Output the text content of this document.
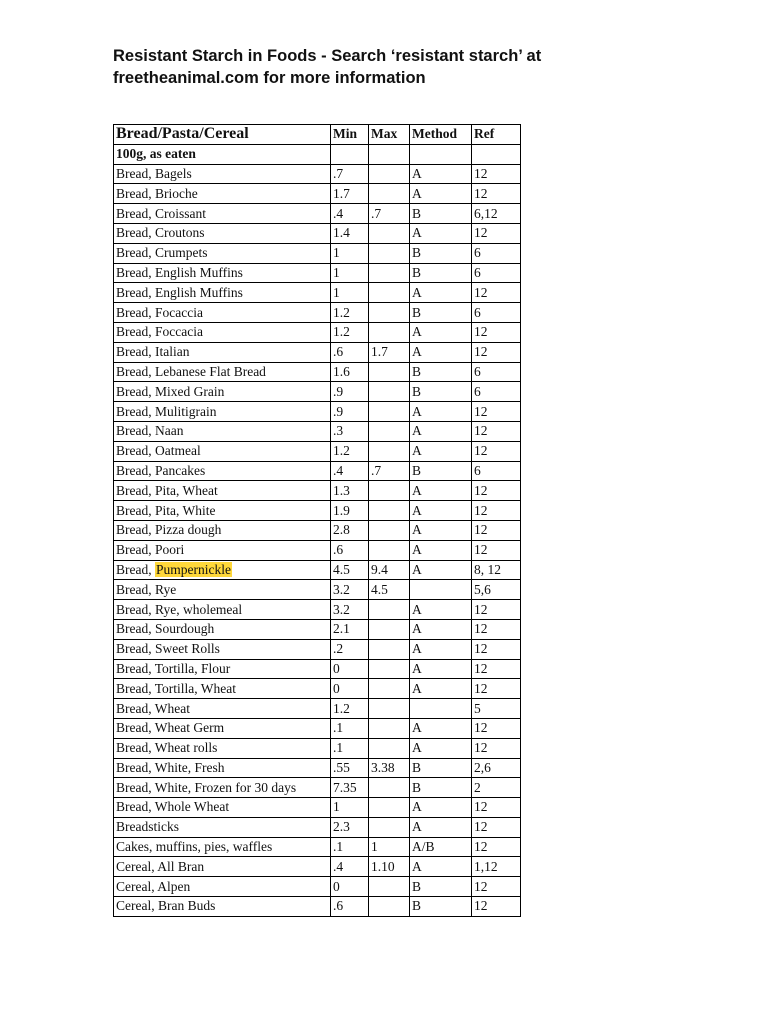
Resistant Starch in Foods - Search ‘resistant starch’ at
freetheanimal.com for more information
Bread/Pasta/Cereal	Min	Max	Method	Ref
100g, as eaten				
Bread, Bagels	.7		A	12
Bread, Brioche	1.7		A	12
Bread, Croissant	.4	.7	B	6,12
Bread, Croutons	1.4		A	12
Bread, Crumpets	1		B	6
Bread, English Muffins	1		B	6
Bread, English Muffins	1		A	12
Bread, Focaccia	1.2		B	6
Bread, Foccacia	1.2		A	12
Bread, Italian	.6	1.7	A	12
Bread, Lebanese Flat Bread	1.6		B	6
Bread, Mixed Grain	.9		B	6
Bread, Mulitigrain	.9		A	12
Bread, Naan	.3		A	12
Bread, Oatmeal	1.2		A	12
Bread, Pancakes	.4	.7	B	6
Bread, Pita, Wheat	1.3		A	12
Bread, Pita, White	1.9		A	12
Bread, Pizza dough	2.8		A	12
Bread, Poori	.6		A	12
Bread, Pumpernickle	4.5	9.4	A	8, 12
Bread, Rye	3.2	4.5		5,6
Bread, Rye, wholemeal	3.2		A	12
Bread, Sourdough	2.1		A	12
Bread, Sweet Rolls	.2		A	12
Bread, Tortilla, Flour	0		A	12
Bread, Tortilla, Wheat	0		A	12
Bread, Wheat	1.2			5
Bread, Wheat Germ	.1		A	12
Bread, Wheat rolls	.1		A	12
Bread, White, Fresh	.55	3.38	B	2,6
Bread, White, Frozen for 30 days	7.35		B	2
Bread, Whole Wheat	1		A	12
Breadsticks	2.3		A	12
Cakes, muffins, pies, waffles	.1	1	A/B	12
Cereal, All Bran	.4	1.10	A	1,12
Cereal, Alpen	0		B	12
Cereal, Bran Buds	.6		B	12
